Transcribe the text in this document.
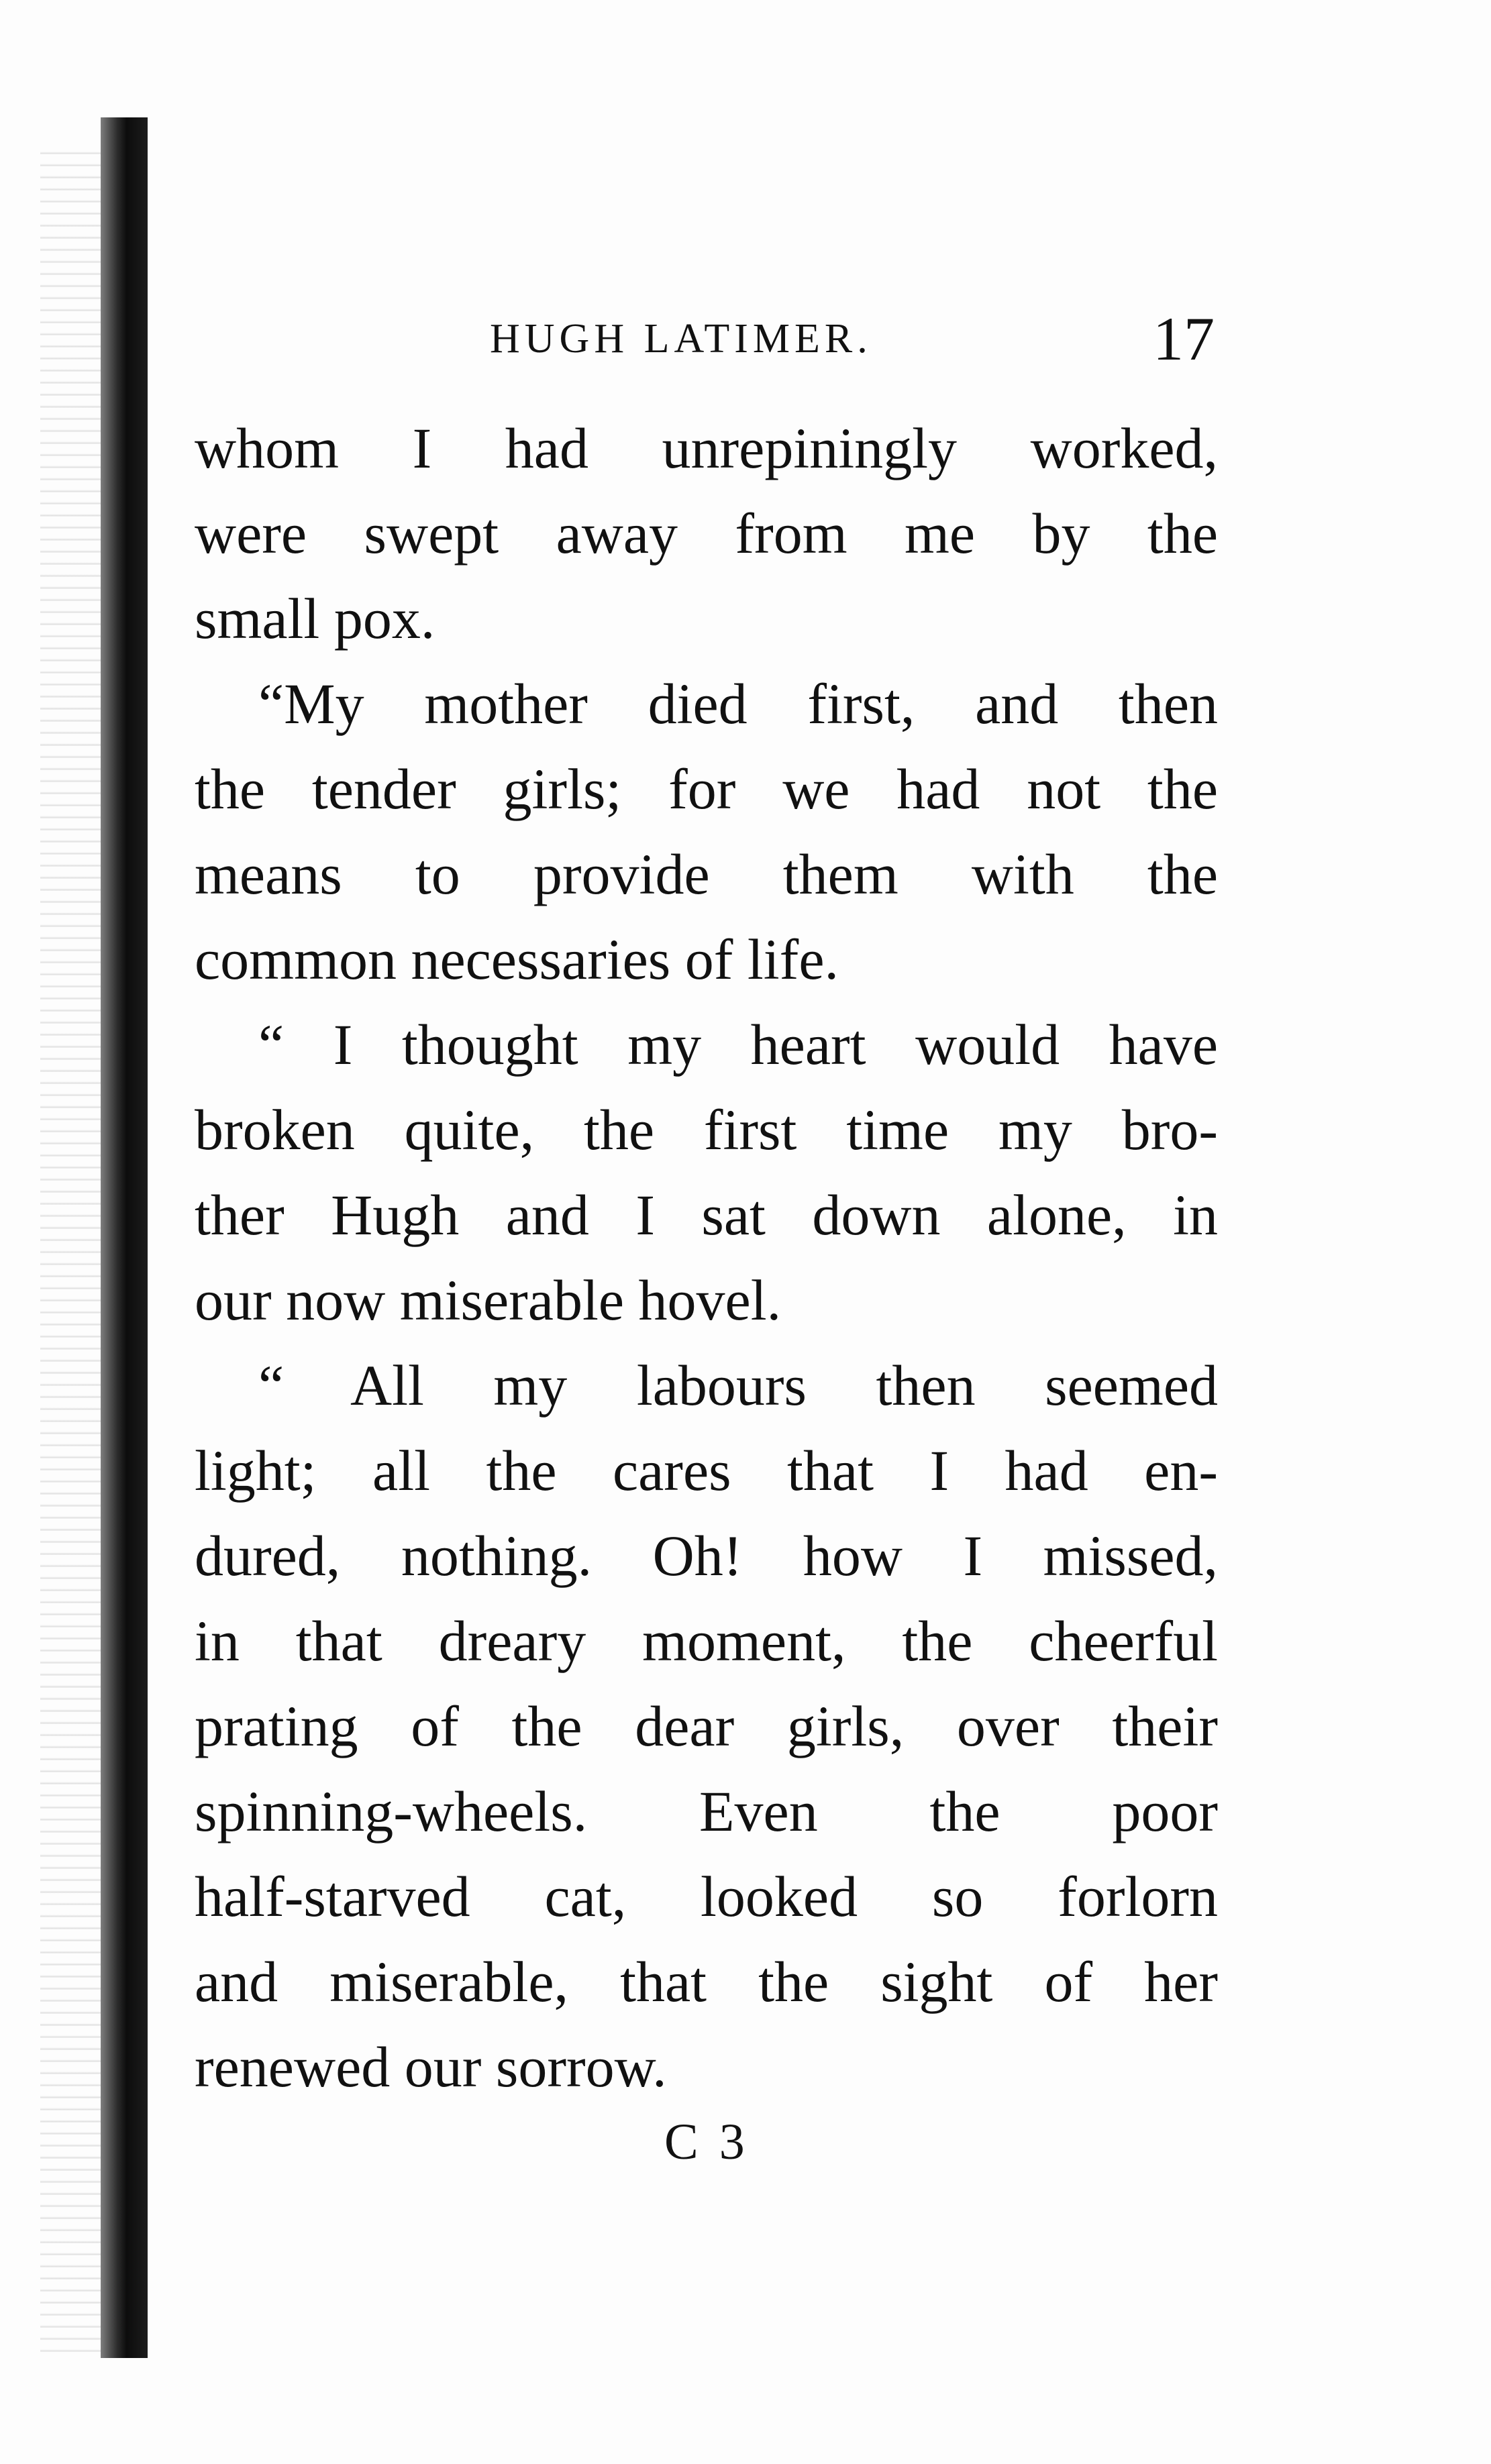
HUGH LATIMER.	17
whom I had unrepiningly worked,
were swept away from me by the
small pox.
“My mother died first, and then
the tender girls; for we had not the
means to provide them with the
common necessaries of life.
“ I thought my heart would have
broken quite, the first time my bro-
ther Hugh and I sat down alone, in
our now miserable hovel.
“ All my labours then seemed
light; all the cares that I had en-
dured, nothing. Oh! how I missed,
in that dreary moment, the cheerful
prating of the dear girls, over their
spinning-wheels. Even the poor
half-starved cat, looked so forlorn
and miserable, that the sight of her
renewed our sorrow.
C 3
